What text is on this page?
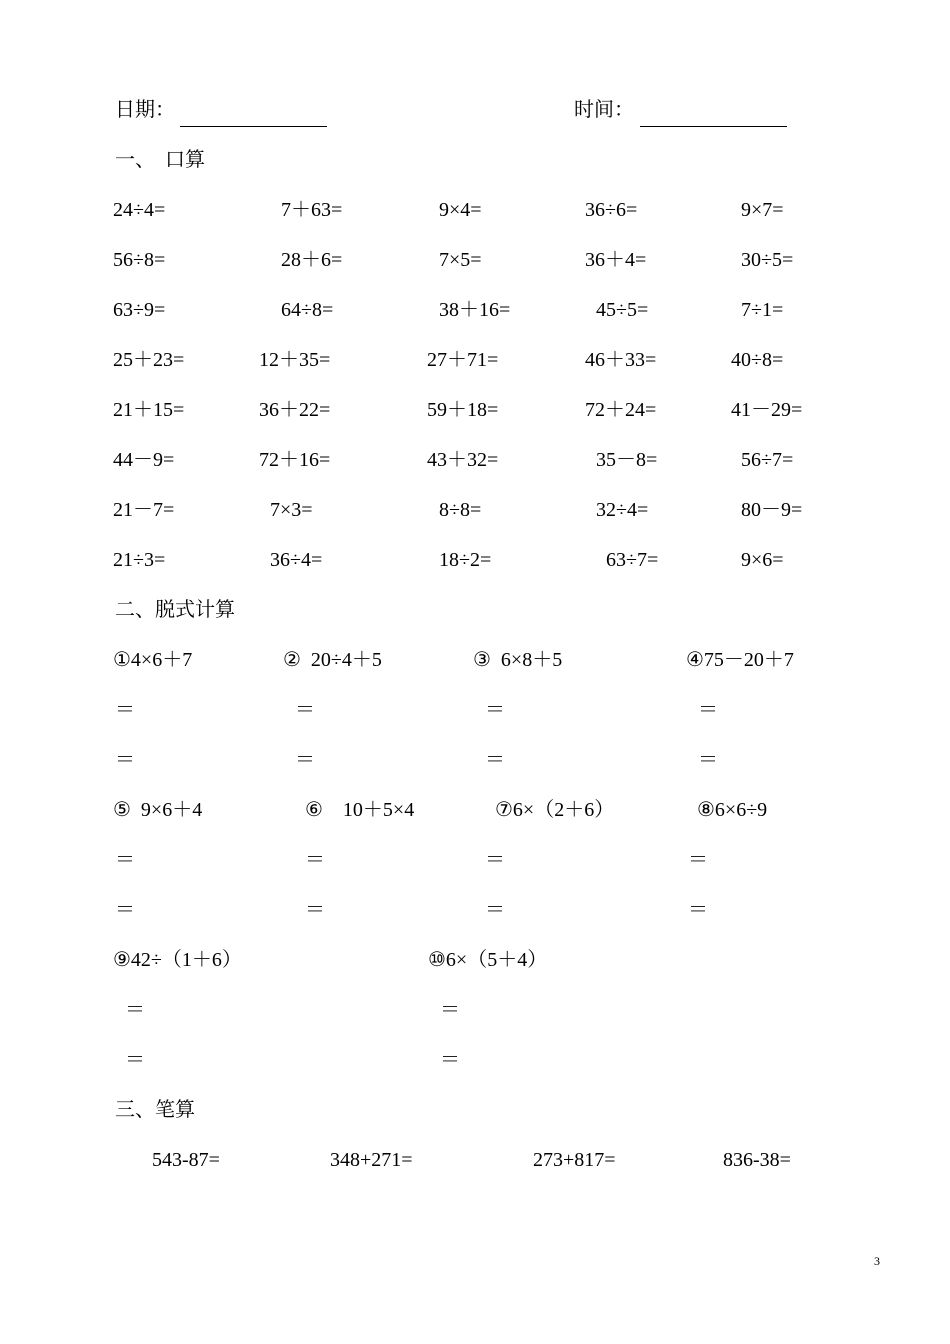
日期：	时间：
一、  口算
24÷4=	7＋63=	9×4=	36÷6=	9×7=
56÷8=	28＋6=	7×5=	36＋4=	30÷5=
63÷9=	64÷8=	38＋16=	45÷5=	7÷1=
25＋23=	12＋35=	27＋71=	46＋33=	40÷8=
21＋15=	36＋22=	59＋18=	72＋24=	41－29=
44－9=	72＋16=	43＋32=	35－8=	56÷7=
21－7=	7×3=	8÷8=	32÷4=	80－9=
21÷3=	36÷4=	18÷2=	63÷7=	9×6=
二、脱式计算
①4×6＋7	②  20÷4＋5	③  6×8＋5	④75－20＋7
＝	＝	＝	＝
＝	＝	＝	＝
⑤  9×6＋4	⑥    10＋5×4	⑦6×（2＋6）	⑧6×6÷9
＝	＝	＝	＝
＝	＝	＝	＝
⑨42÷（1＋6）	⑩6×（5＋4）
＝	＝
＝	＝
三、笔算
543-87=	348+271=	273+817=	836-38=
3
